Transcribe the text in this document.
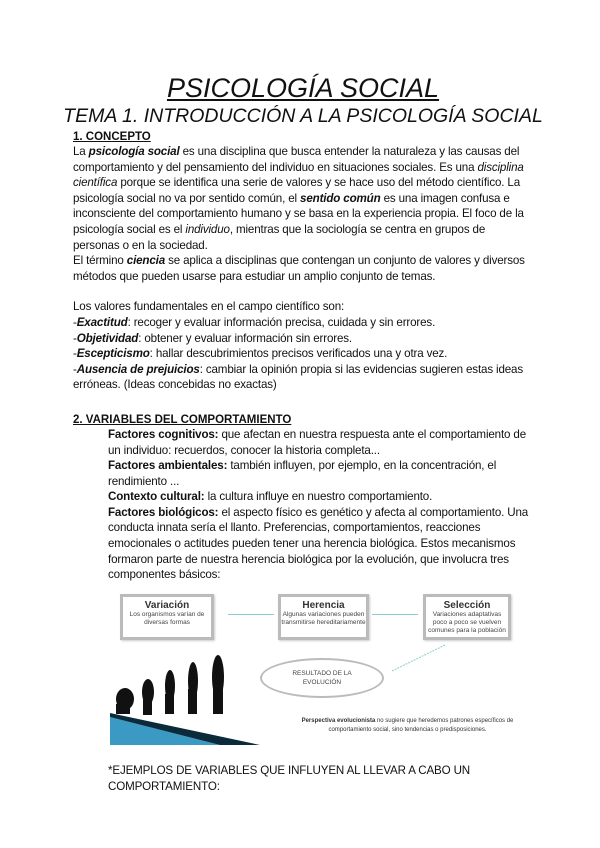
PSICOLOGÍA SOCIAL
TEMA 1. INTRODUCCIÓN A LA PSICOLOGÍA SOCIAL
1. CONCEPTO

La psicología social es una disciplina que busca entender la naturaleza y las causas del comportamiento y del pensamiento del individuo en situaciones sociales. Es una disciplina científica porque se identifica una serie de valores y se hace uso del método científico. La psicología social no va por sentido común, el sentido común es una imagen confusa e inconsciente del comportamiento humano y se basa en la experiencia propia. El foco de la psicología social es el individuo, mientras que la sociología se centra en grupos de personas o en la sociedad.

El término ciencia se aplica a disciplinas que contengan un conjunto de valores y diversos métodos que pueden usarse para estudiar un amplio conjunto de temas.

Los valores fundamentales en el campo científico son:

-Exactitud: recoger y evaluar información precisa, cuidada y sin errores.

-Objetividad: obtener y evaluar información sin errores.

-Escepticismo: hallar descubrimientos precisos verificados una y otra vez.

-Ausencia de prejuicios: cambiar la opinión propia si las evidencias sugieren estas ideas erróneas. (Ideas concebidas no exactas)

2. VARIABLES DEL COMPORTAMIENTO

Factores cognitivos: que afectan en nuestra respuesta ante el comportamiento de un individuo: recuerdos, conocer la historia completa...

Factores ambientales: también influyen, por ejemplo, en la concentración, el rendimiento ...

Contexto cultural: la cultura influye en nuestro comportamiento.

Factores biológicos: el aspecto físico es genético y afecta al comportamiento. Una conducta innata sería el llanto. Preferencias, comportamientos, reacciones emocionales o actitudes pueden tener una herencia biológica. Estos mecanismos formaron parte de nuestra herencia biológica por la evolución, que involucra tres componentes básicos:

Variación
Los organismos varían de diversas formas
Herencia
Algunas variaciones pueden transmitirse hereditariamente
Selección
Variaciones adaptativas poco a poco se vuelven comunes para la población
RESULTADO DE LA
EVOLUCIÓN
Perspectiva evolucionista no sugiere que heredemos patrones específicos de comportamiento social, sino tendencias o predisposiciones.

*EJEMPLOS DE VARIABLES QUE INFLUYEN AL LLEVAR A CABO UN COMPORTAMIENTO:
